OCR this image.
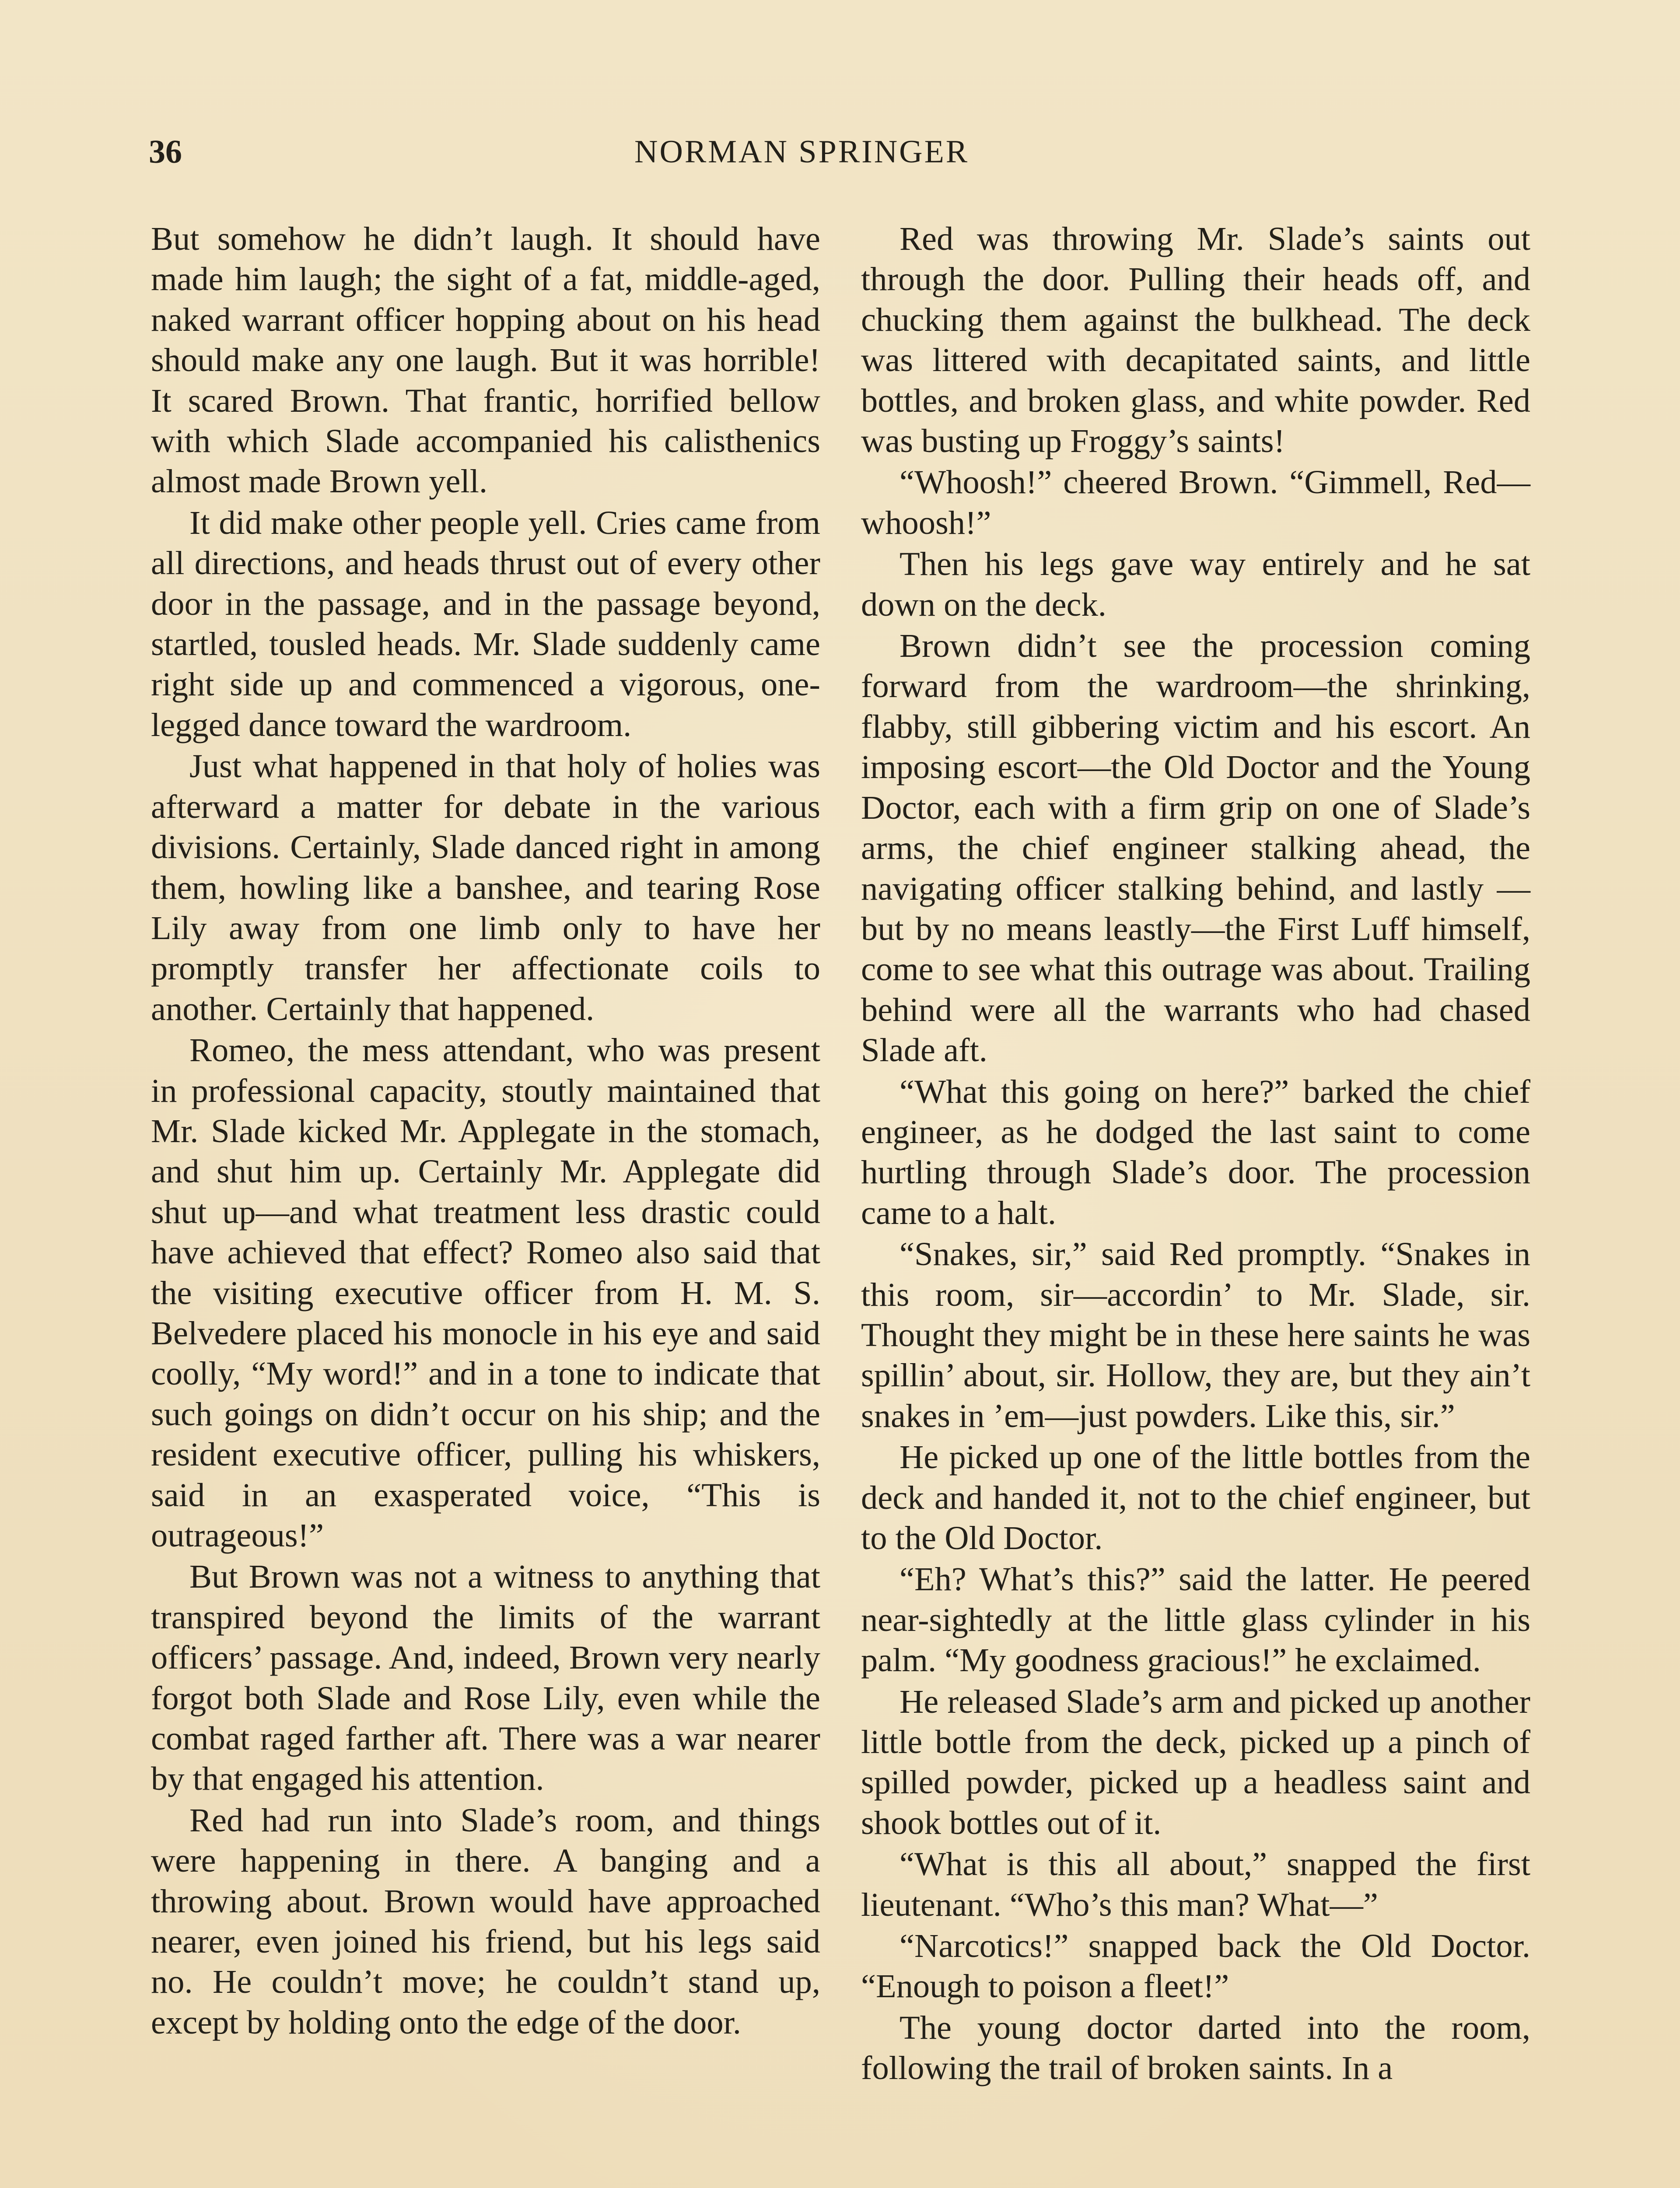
36	NORMAN SPRINGER

But somehow he didn’t laugh. It should have made him laugh; the sight of a fat, middle-aged, naked warrant officer hopping about on his head should make any one laugh. But it was horrible! It scared Brown. That frantic, horrified bellow with which Slade accompanied his calisthenics almost made Brown yell.

It did make other people yell. Cries came from all directions, and heads thrust out of every other door in the passage, and in the passage beyond, startled, tousled heads. Mr. Slade suddenly came right side up and commenced a vigorous, one-legged dance toward the wardroom.

Just what happened in that holy of holies was afterward a matter for debate in the various divisions. Certainly, Slade danced right in among them, howling like a banshee, and tearing Rose Lily away from one limb only to have her promptly transfer her affectionate coils to another. Certainly that happened.

Romeo, the mess attendant, who was present in professional capacity, stoutly maintained that Mr. Slade kicked Mr. Applegate in the stomach, and shut him up. Certainly Mr. Applegate did shut up—and what treatment less drastic could have achieved that effect? Romeo also said that the visiting executive officer from H. M. S. Belvedere placed his monocle in his eye and said coolly, “My word!” and in a tone to indicate that such goings on didn’t occur on his ship; and the resident executive officer, pulling his whiskers, said in an exasperated voice, “This is outrageous!”

But Brown was not a witness to anything that transpired beyond the limits of the warrant officers’ passage. And, indeed, Brown very nearly forgot both Slade and Rose Lily, even while the combat raged farther aft. There was a war nearer by that engaged his attention.

Red had run into Slade’s room, and things were happening in there. A banging and a throwing about. Brown would have approached nearer, even joined his friend, but his legs said no. He couldn’t move; he couldn’t stand up, except by holding onto the edge of the door.

Red was throwing Mr. Slade’s saints out through the door. Pulling their heads off, and chucking them against the bulkhead. The deck was littered with decapitated saints, and little bottles, and broken glass, and white powder. Red was busting up Froggy’s saints!

“Whoosh!” cheered Brown. “Gimmell, Red—whoosh!”

Then his legs gave way entirely and he sat down on the deck.

Brown didn’t see the procession coming forward from the wardroom—the shrinking, flabby, still gibbering victim and his escort. An imposing escort—the Old Doctor and the Young Doctor, each with a firm grip on one of Slade’s arms, the chief engineer stalking ahead, the navigating officer stalking behind, and lastly —but by no means leastly—the First Luff himself, come to see what this outrage was about. Trailing behind were all the warrants who had chased Slade aft.

“What this going on here?” barked the chief engineer, as he dodged the last saint to come hurtling through Slade’s door. The procession came to a halt.

“Snakes, sir,” said Red promptly. “Snakes in this room, sir—accordin’ to Mr. Slade, sir. Thought they might be in these here saints he was spillin’ about, sir. Hollow, they are, but they ain’t snakes in ’em—just powders. Like this, sir.”

He picked up one of the little bottles from the deck and handed it, not to the chief engineer, but to the Old Doctor.

“Eh? What’s this?” said the latter. He peered near-sightedly at the little glass cylinder in his palm. “My goodness gracious!” he exclaimed.

He released Slade’s arm and picked up another little bottle from the deck, picked up a pinch of spilled powder, picked up a headless saint and shook bottles out of it.

“What is this all about,” snapped the first lieutenant. “Who’s this man? What—”

“Narcotics!” snapped back the Old Doctor. “Enough to poison a fleet!”

The young doctor darted into the room, following the trail of broken saints. In a
